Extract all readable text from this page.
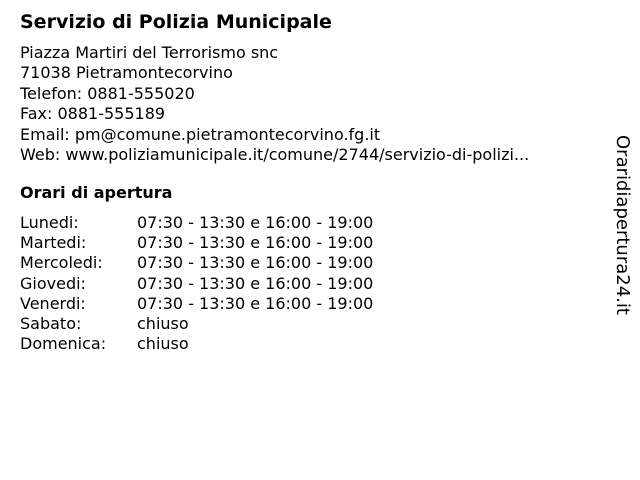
Servizio di Polizia Municipale
Piazza Martiri del Terrorismo snc
71038 Pietramontecorvino
Telefon: 0881-555020
Fax: 0881-555189
Email: pm@comune.pietramontecorvino.fg.it
Web: www.poliziamunicipale.it/comune/2744/servizio-di-polizi...
Orari di apertura
Lunedi:	07:30 - 13:30 e 16:00 - 19:00
Martedi:	07:30 - 13:30 e 16:00 - 19:00
Mercoledi: 07:30 - 13:30 e 16:00 - 19:00
Giovedi:	07:30 - 13:30 e 16:00 - 19:00
Venerdi:	07:30 - 13:30 e 16:00 - 19:00
Sabato:	chiuso
Domenica: chiuso
Oraridiapertura24.it
